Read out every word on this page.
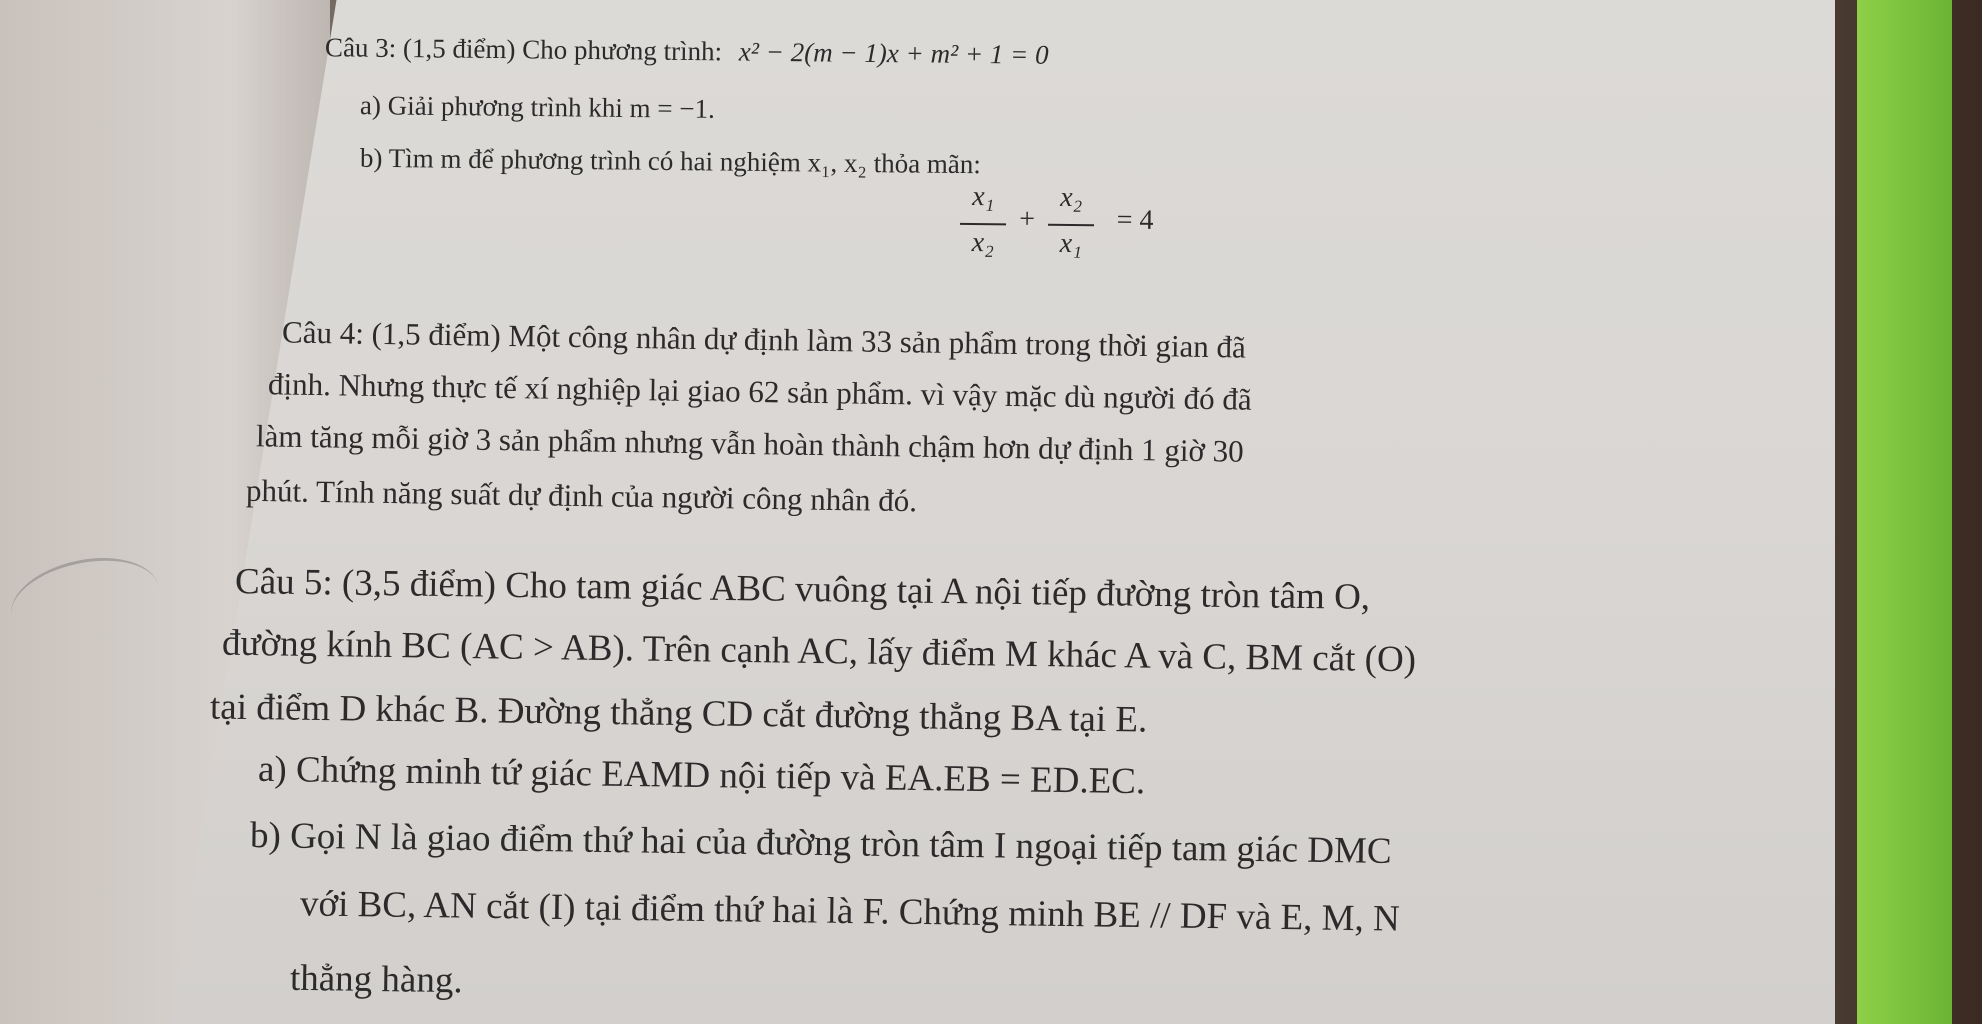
Câu 3: (1,5 điểm) Cho phương trình: x² − 2(m − 1)x + m² + 1 = 0
a) Giải phương trình khi m = −1.
b) Tìm m để phương trình có hai nghiệm x₁, x₂ thỏa mãn:
x₁
x₂
+
x₂
x₁
= 4
Câu 4: (1,5 điểm) Một công nhân dự định làm 33 sản phẩm trong thời gian đã
định. Nhưng thực tế xí nghiệp lại giao 62 sản phẩm. vì vậy mặc dù người đó đã
làm tăng mỗi giờ 3 sản phẩm nhưng vẫn hoàn thành chậm hơn dự định 1 giờ 30
phút. Tính năng suất dự định của người công nhân đó.
Câu 5: (3,5 điểm) Cho tam giác ABC vuông tại A nội tiếp đường tròn tâm O,
đường kính BC (AC > AB). Trên cạnh AC, lấy điểm M khác A và C, BM cắt (O)
tại điểm D khác B. Đường thẳng CD cắt đường thẳng BA tại E.
a) Chứng minh tứ giác EAMD nội tiếp và EA.EB = ED.EC.
b) Gọi N là giao điểm thứ hai của đường tròn tâm I ngoại tiếp tam giác DMC
với BC, AN cắt (I) tại điểm thứ hai là F. Chứng minh BE // DF và E, M, N
thẳng hàng.
